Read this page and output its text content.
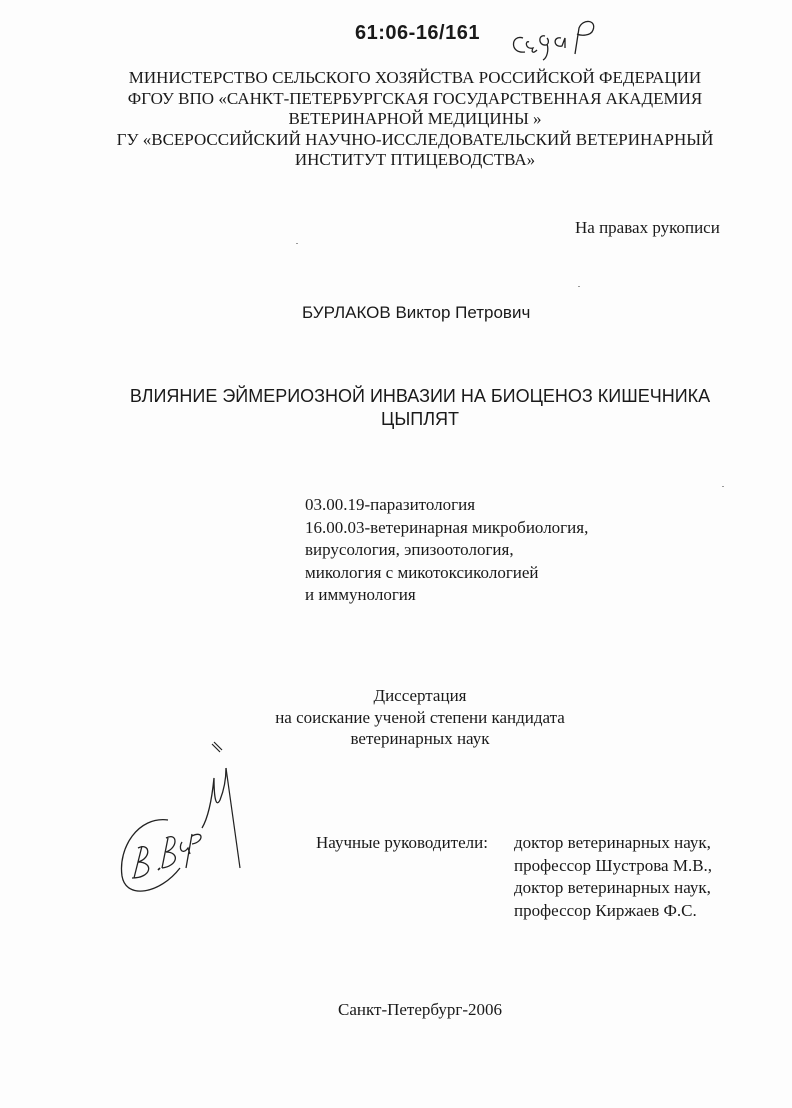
61:06-16/161
МИНИСТЕРСТВО СЕЛЬСКОГО ХОЗЯЙСТВА РОССИЙСКОЙ ФЕДЕРАЦИИ
ФГОУ ВПО «САНКТ-ПЕТЕРБУРГСКАЯ ГОСУДАРСТВЕННАЯ АКАДЕМИЯ
ВЕТЕРИНАРНОЙ МЕДИЦИНЫ »
ГУ «ВСЕРОССИЙСКИЙ НАУЧНО-ИССЛЕДОВАТЕЛЬСКИЙ ВЕТЕРИНАРНЫЙ
ИНСТИТУТ ПТИЦЕВОДСТВА»
На правах рукописи
БУРЛАКОВ Виктор Петрович
ВЛИЯНИЕ ЭЙМЕРИОЗНОЙ ИНВАЗИИ НА БИОЦЕНОЗ КИШЕЧНИКА
ЦЫПЛЯТ
03.00.19-паразитология
16.00.03-ветеринарная микробиология,
вирусология, эпизоотология,
микология с микотоксикологией
и иммунология
Диссертация
на соискание ученой степени кандидата
ветеринарных наук
Научные руководители: доктор ветеринарных наук,
профессор Шустрова М.В.,
доктор ветеринарных наук,
профессор Киржаев Ф.С.
Санкт-Петербург-2006
